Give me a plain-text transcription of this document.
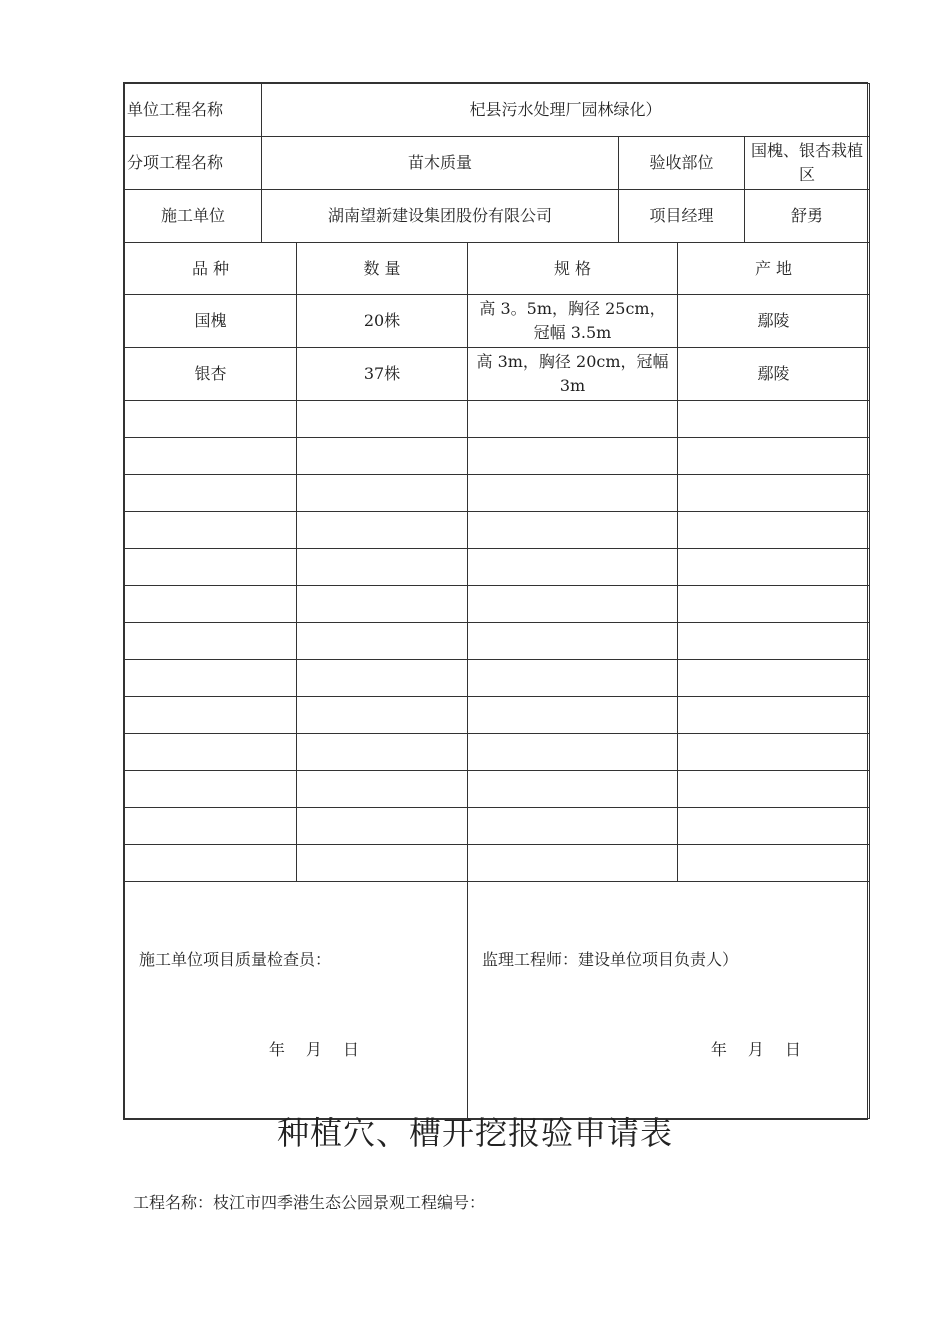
单位工程名称	杞县污水处理厂园林绿化）		
分项工程名称	苗木质量	验收部位	国槐、银杏栽植区
施工单位	湖南望新建设集团股份有限公司	项目经理	舒勇
品 种	数 量	规 格	产 地
国槐	20株	高 3。5m，胸径 25cm，冠幅 3.5m	鄢陵
银杏	37株	高 3m，胸径 20cm，冠幅 3m	鄢陵

施工单位项目质量检查员：
年 月 日

监理工程师：建设单位项目负责人）
年 月 日
种植穴、槽开挖报验申请表
工程名称：枝江市四季港生态公园景观工程编号：
